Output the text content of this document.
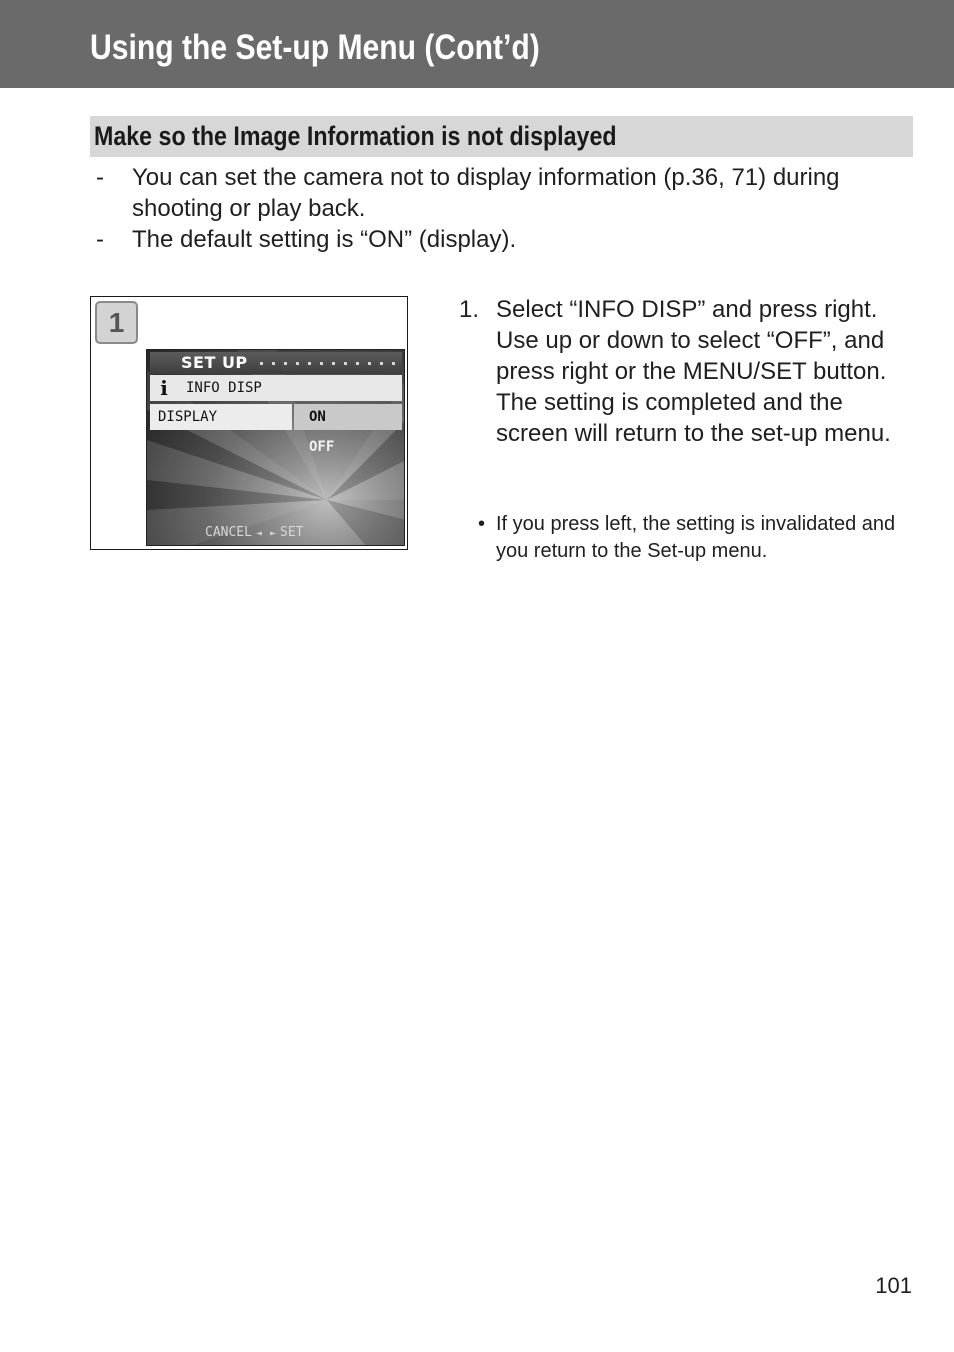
Using the Set-up Menu (Cont’d)
Make so the Image Information is not displayed
- You can set the camera not to display information (p.36, 71) during shooting or play back.
- The default setting is “ON” (display).
1
SET UP
i	INFO DISP
DISPLAY	ON
OFF
CANCEL ◄ ► SET
1. Select “INFO DISP” and press right. Use up or down to select “OFF”, and press right or the MENU/SET button. The setting is completed and the screen will return to the set-up menu.
• If you press left, the setting is invalidated and you return to the Set-up menu.
101
